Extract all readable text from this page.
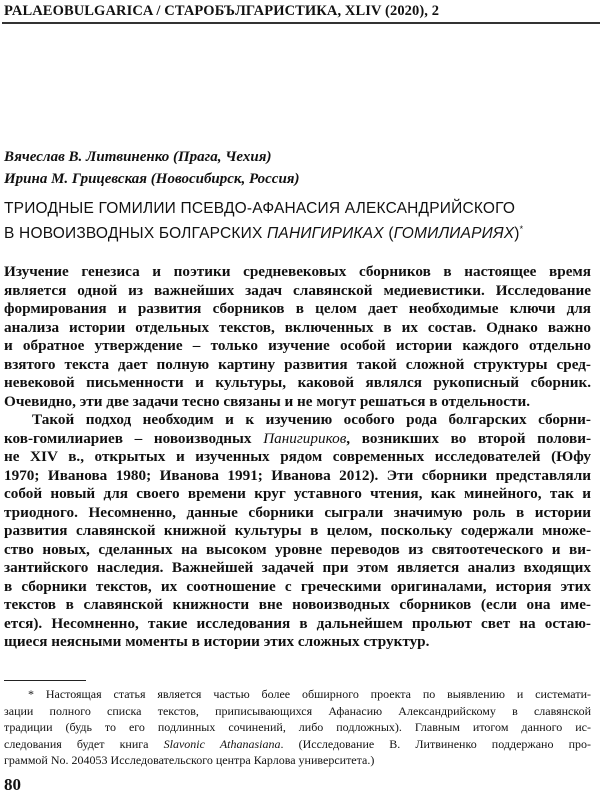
PALAEOBULGARICA / СТАРОБЪЛГАРИСТИКА, XLIV (2020), 2
Вячеслав В. Литвиненко (Прага, Чехия)
Ирина М. Грицевская (Новосибирск, Россия)
ТРИОДНЫЕ ГОМИЛИИ ПСЕВДО-АФАНАСИЯ АЛЕКСАНДРИЙСКОГО
В НОВОИЗВОДНЫХ БОЛГАРСКИХ ПАНИГИРИКАХ (ГОМИЛИАРИЯХ)*
Изучение генезиса и поэтики средневековых сборников в настоящее время
является одной из важнейших задач славянской медиевистики. Исследование
формирования и развития сборников в целом дает необходимые ключи для
анализа истории отдельных текстов, включенных в их состав. Однако важно
и обратное утверждение – только изучение особой истории каждого отдельно
взятого текста дает полную картину развития такой сложной структуры сред-
невековой письменности и культуры, каковой являлся рукописный сборник.
Очевидно, эти две задачи тесно связаны и не могут решаться в отдельности.
Такой подход необходим и к изучению особого рода болгарских сборни-
ков-гомилиариев – новоизводных Панигириков, возникших во второй полови-
не XIV в., открытых и изученных рядом современных исследователей (Юфу
1970; Иванова 1980; Иванова 1991; Иванова 2012). Эти сборники представляли
собой новый для своего времени круг уставного чтения, как минейного, так и
триодного. Несомненно, данные сборники сыграли значимую роль в истории
развития славянской книжной культуры в целом, поскольку содержали множе-
ство новых, сделанных на высоком уровне переводов из святоотеческого и ви-
зантийского наследия. Важнейшей задачей при этом является анализ входящих
в сборники текстов, их соотношение с греческими оригиналами, история этих
текстов в славянской книжности вне новоизводных сборников (если она име-
ется). Несомненно, такие исследования в дальнейшем прольют свет на остаю-
щиеся неясными моменты в истории этих сложных структур.
* Настоящая статья является частью более обширного проекта по выявлению и системати-
зации полного списка текстов, приписывающихся Афанасию Александрийскому в славянской
традиции (будь то его подлинных сочинений, либо подложных). Главным итогом данного ис-
следования будет книга Slavonic Athanasiana. (Исследование В. Литвиненко поддержано про-
граммой No. 204053 Исследовательского центра Карлова университета.)
80
